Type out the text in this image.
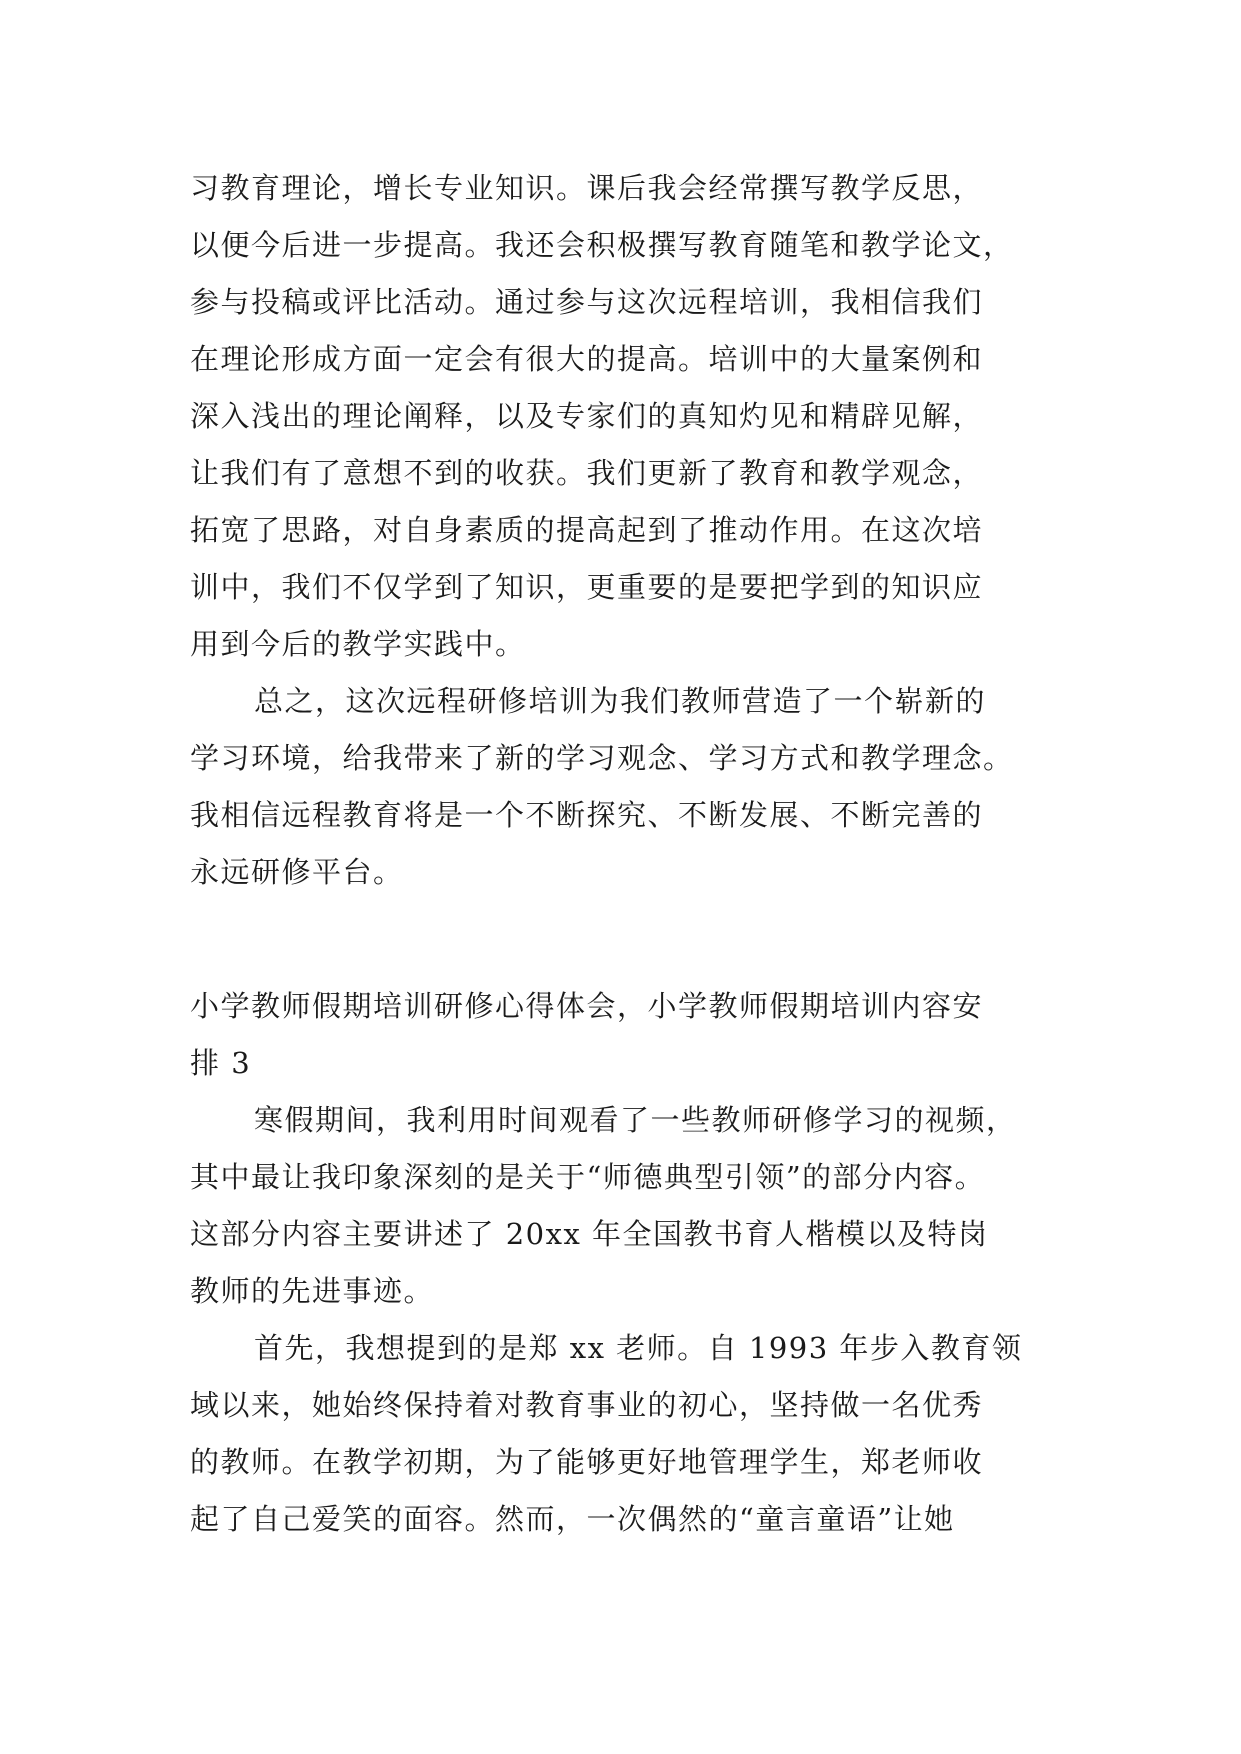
习教育理论，增长专业知识。课后我会经常撰写教学反思，
以便今后进一步提高。我还会积极撰写教育随笔和教学论文，
参与投稿或评比活动。通过参与这次远程培训，我相信我们
在理论形成方面一定会有很大的提高。培训中的大量案例和
深入浅出的理论阐释，以及专家们的真知灼见和精辟见解，
让我们有了意想不到的收获。我们更新了教育和教学观念，
拓宽了思路，对自身素质的提高起到了推动作用。在这次培
训中，我们不仅学到了知识，更重要的是要把学到的知识应
用到今后的教学实践中。
总之，这次远程研修培训为我们教师营造了一个崭新的
学习环境，给我带来了新的学习观念、学习方式和教学理念。
我相信远程教育将是一个不断探究、不断发展、不断完善的
永远研修平台。
小学教师假期培训研修心得体会，小学教师假期培训内容安
排 3
寒假期间，我利用时间观看了一些教师研修学习的视频，
其中最让我印象深刻的是关于“师德典型引领”的部分内容。
这部分内容主要讲述了 20xx 年全国教书育人楷模以及特岗
教师的先进事迹。
首先，我想提到的是郑 xx 老师。自 1993 年步入教育领
域以来，她始终保持着对教育事业的初心，坚持做一名优秀
的教师。在教学初期，为了能够更好地管理学生，郑老师收
起了自己爱笑的面容。然而，一次偶然的“童言童语”让她
